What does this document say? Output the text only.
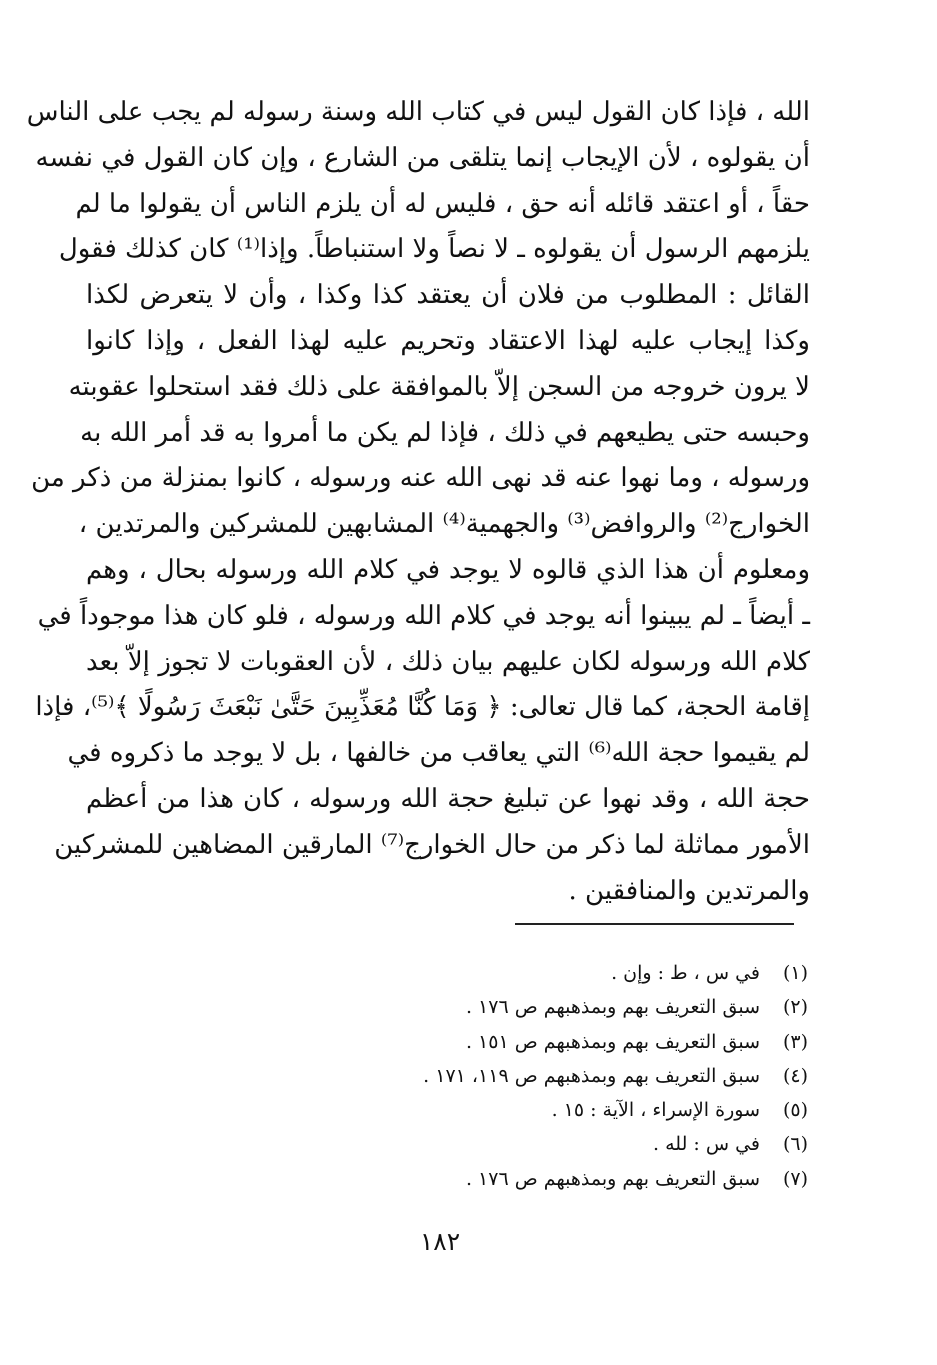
الله ، فإذا كان القول ليس في كتاب الله وسنة رسوله لم يجب على الناس
أن يقولوه ، لأن الإيجاب إنما يتلقى من الشارع ، وإن كان القول في نفسه
حقاً ، أو اعتقد قائله أنه حق ، فليس له أن يلزم الناس أن يقولوا ما لم
يلزمهم الرسول أن يقولوه ـ لا نصاً ولا استنباطاً. وإذا⁽¹⁾ كان كذلك فقول
القائل : المطلوب من فلان أن يعتقد كذا وكذا ، وأن لا يتعرض لكذا
وكذا إيجاب عليه لهذا الاعتقاد وتحريم عليه لهذا الفعل ، وإذا كانوا
لا يرون خروجه من السجن إلاّ بالموافقة على ذلك فقد استحلوا عقوبته
وحبسه حتى يطيعهم في ذلك ، فإذا لم يكن ما أمروا به قد أمر الله به
ورسوله ، وما نهوا عنه قد نهى الله عنه ورسوله ، كانوا بمنزلة من ذكر من
الخوارج⁽²⁾ والروافض⁽³⁾ والجهمية⁽⁴⁾ المشابهين للمشركين والمرتدين ،
ومعلوم أن هذا الذي قالوه لا يوجد في كلام الله ورسوله بحال ، وهم
ـ أيضاً ـ لم يبينوا أنه يوجد في كلام الله ورسوله ، فلو كان هذا موجوداً في
كلام الله ورسوله لكان عليهم بيان ذلك ، لأن العقوبات لا تجوز إلاّ بعد
إقامة الحجة، كما قال تعالى: ﴿ وَمَا كُنَّا مُعَذِّبِينَ حَتَّىٰ نَبْعَثَ رَسُولًا ﴾⁽⁵⁾، فإذا
لم يقيموا حجة الله⁽⁶⁾ التي يعاقب من خالفها ، بل لا يوجد ما ذكروه في
حجة الله ، وقد نهوا عن تبليغ حجة الله ورسوله ، كان هذا من أعظم
الأمور مماثلة لما ذكر من حال الخوارج⁽⁷⁾ المارقين المضاهين للمشركين
والمرتدين والمنافقين .
(١)
في س ، ط : وإن .
(٢)
سبق التعريف بهم وبمذهبهم ص ١٧٦ .
(٣)
سبق التعريف بهم وبمذهبهم ص ١٥١ .
(٤)
سبق التعريف بهم وبمذهبهم ص ١١٩، ١٧١ .
(٥)
سورة الإسراء ، الآية : ١٥ .
(٦)
في س : لله .
(٧)
سبق التعريف بهم وبمذهبهم ص ١٧٦ .
١٨٢
